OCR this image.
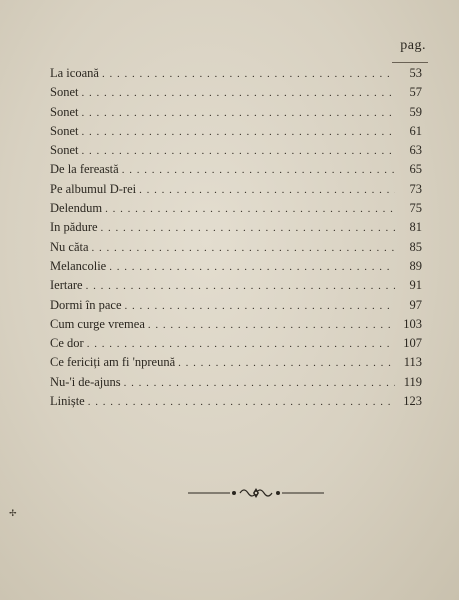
pag.
La icoană . . .	53
Sonet . . .	57
Sonet . . .	59
Sonet . . .	61
Sonet . . .	63
De la fereastă . . .	65
Pe albumul D-rei . . .	73
Delendum . . .	75
In pădure . . .	81
Nu căta . . .	85
Melancolie . . .	89
Iertare . . .	91
Dormi în pace . . .	97
Cum curge vremea . . .	103
Ce dor . . .	107
Ce fericiți am fi 'npreună . . .	113
Nu-'i de-ajuns . . .	119
Liniște . . .	123
✢
